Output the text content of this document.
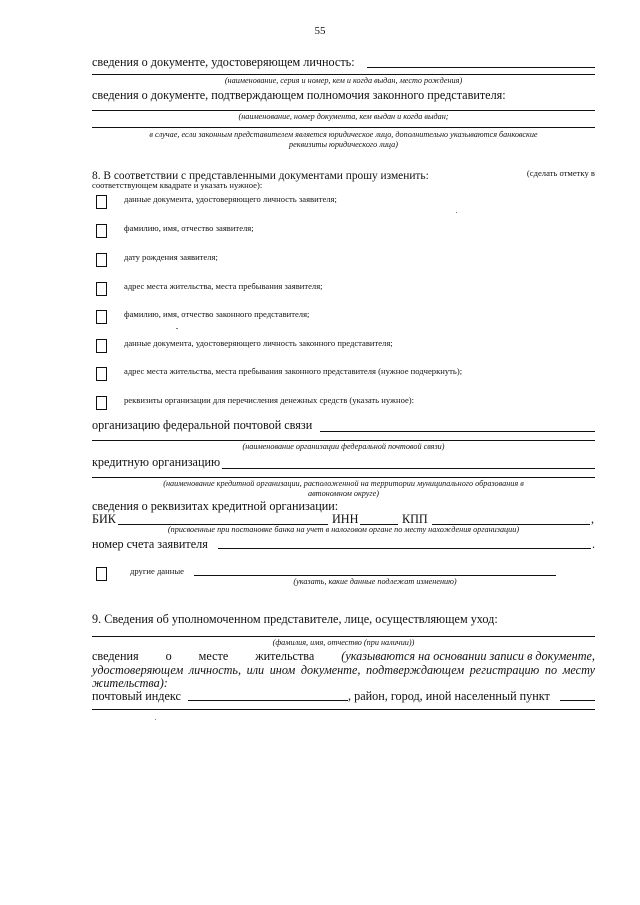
55
сведения о документе, удостоверяющем личность:
(наименование, серия и номер, кем и когда выдан, место рождения)
сведения о документе, подтверждающем полномочия законного представителя:
(наименование, номер документа, кем выдан и когда выдан;
в случае, если законным представителем является юридическое лицо, дополнительно указываются банковские
реквизиты юридического лица)
8. В соответствии с представленными документами прошу изменить:	(сделать отметку в
соответствующем квадрате и указать нужное):
данные документа, удостоверяющего личность заявителя;
фамилию, имя, отчество заявителя;
дату рождения заявителя;
адрес места жительства, места пребывания заявителя;
фамилию, имя, отчество законного представителя;
данные документа, удостоверяющего личность законного представителя;
адрес места жительства, места пребывания законного представителя (нужное подчеркнуть);
реквизиты организации для перечисления денежных средств (указать нужное):
организацию федеральной почтовой связи
(наименование организации федеральной почтовой связи)
кредитную организацию
(наименование кредитной организации, расположенной на территории муниципального образования в
автономном округе)
сведения о реквизитах кредитной организации:
БИК	ИНН	КПП	,
(присвоенные при постановке банка на учет в налоговом органе по месту нахождения организации)
номер счета заявителя	.
другие данные
(указать, какие данные подлежат изменению)
9. Сведения об уполномоченном представителе, лице, осуществляющем уход:
(фамилия, имя, отчество (при наличии))
сведения о месте жительства (указываются на основании записи в документе,
удостоверяющем личность, или ином документе, подтверждающем регистрацию по месту
жительства):
почтовый индекс	, район, город, иной населенный пункт
